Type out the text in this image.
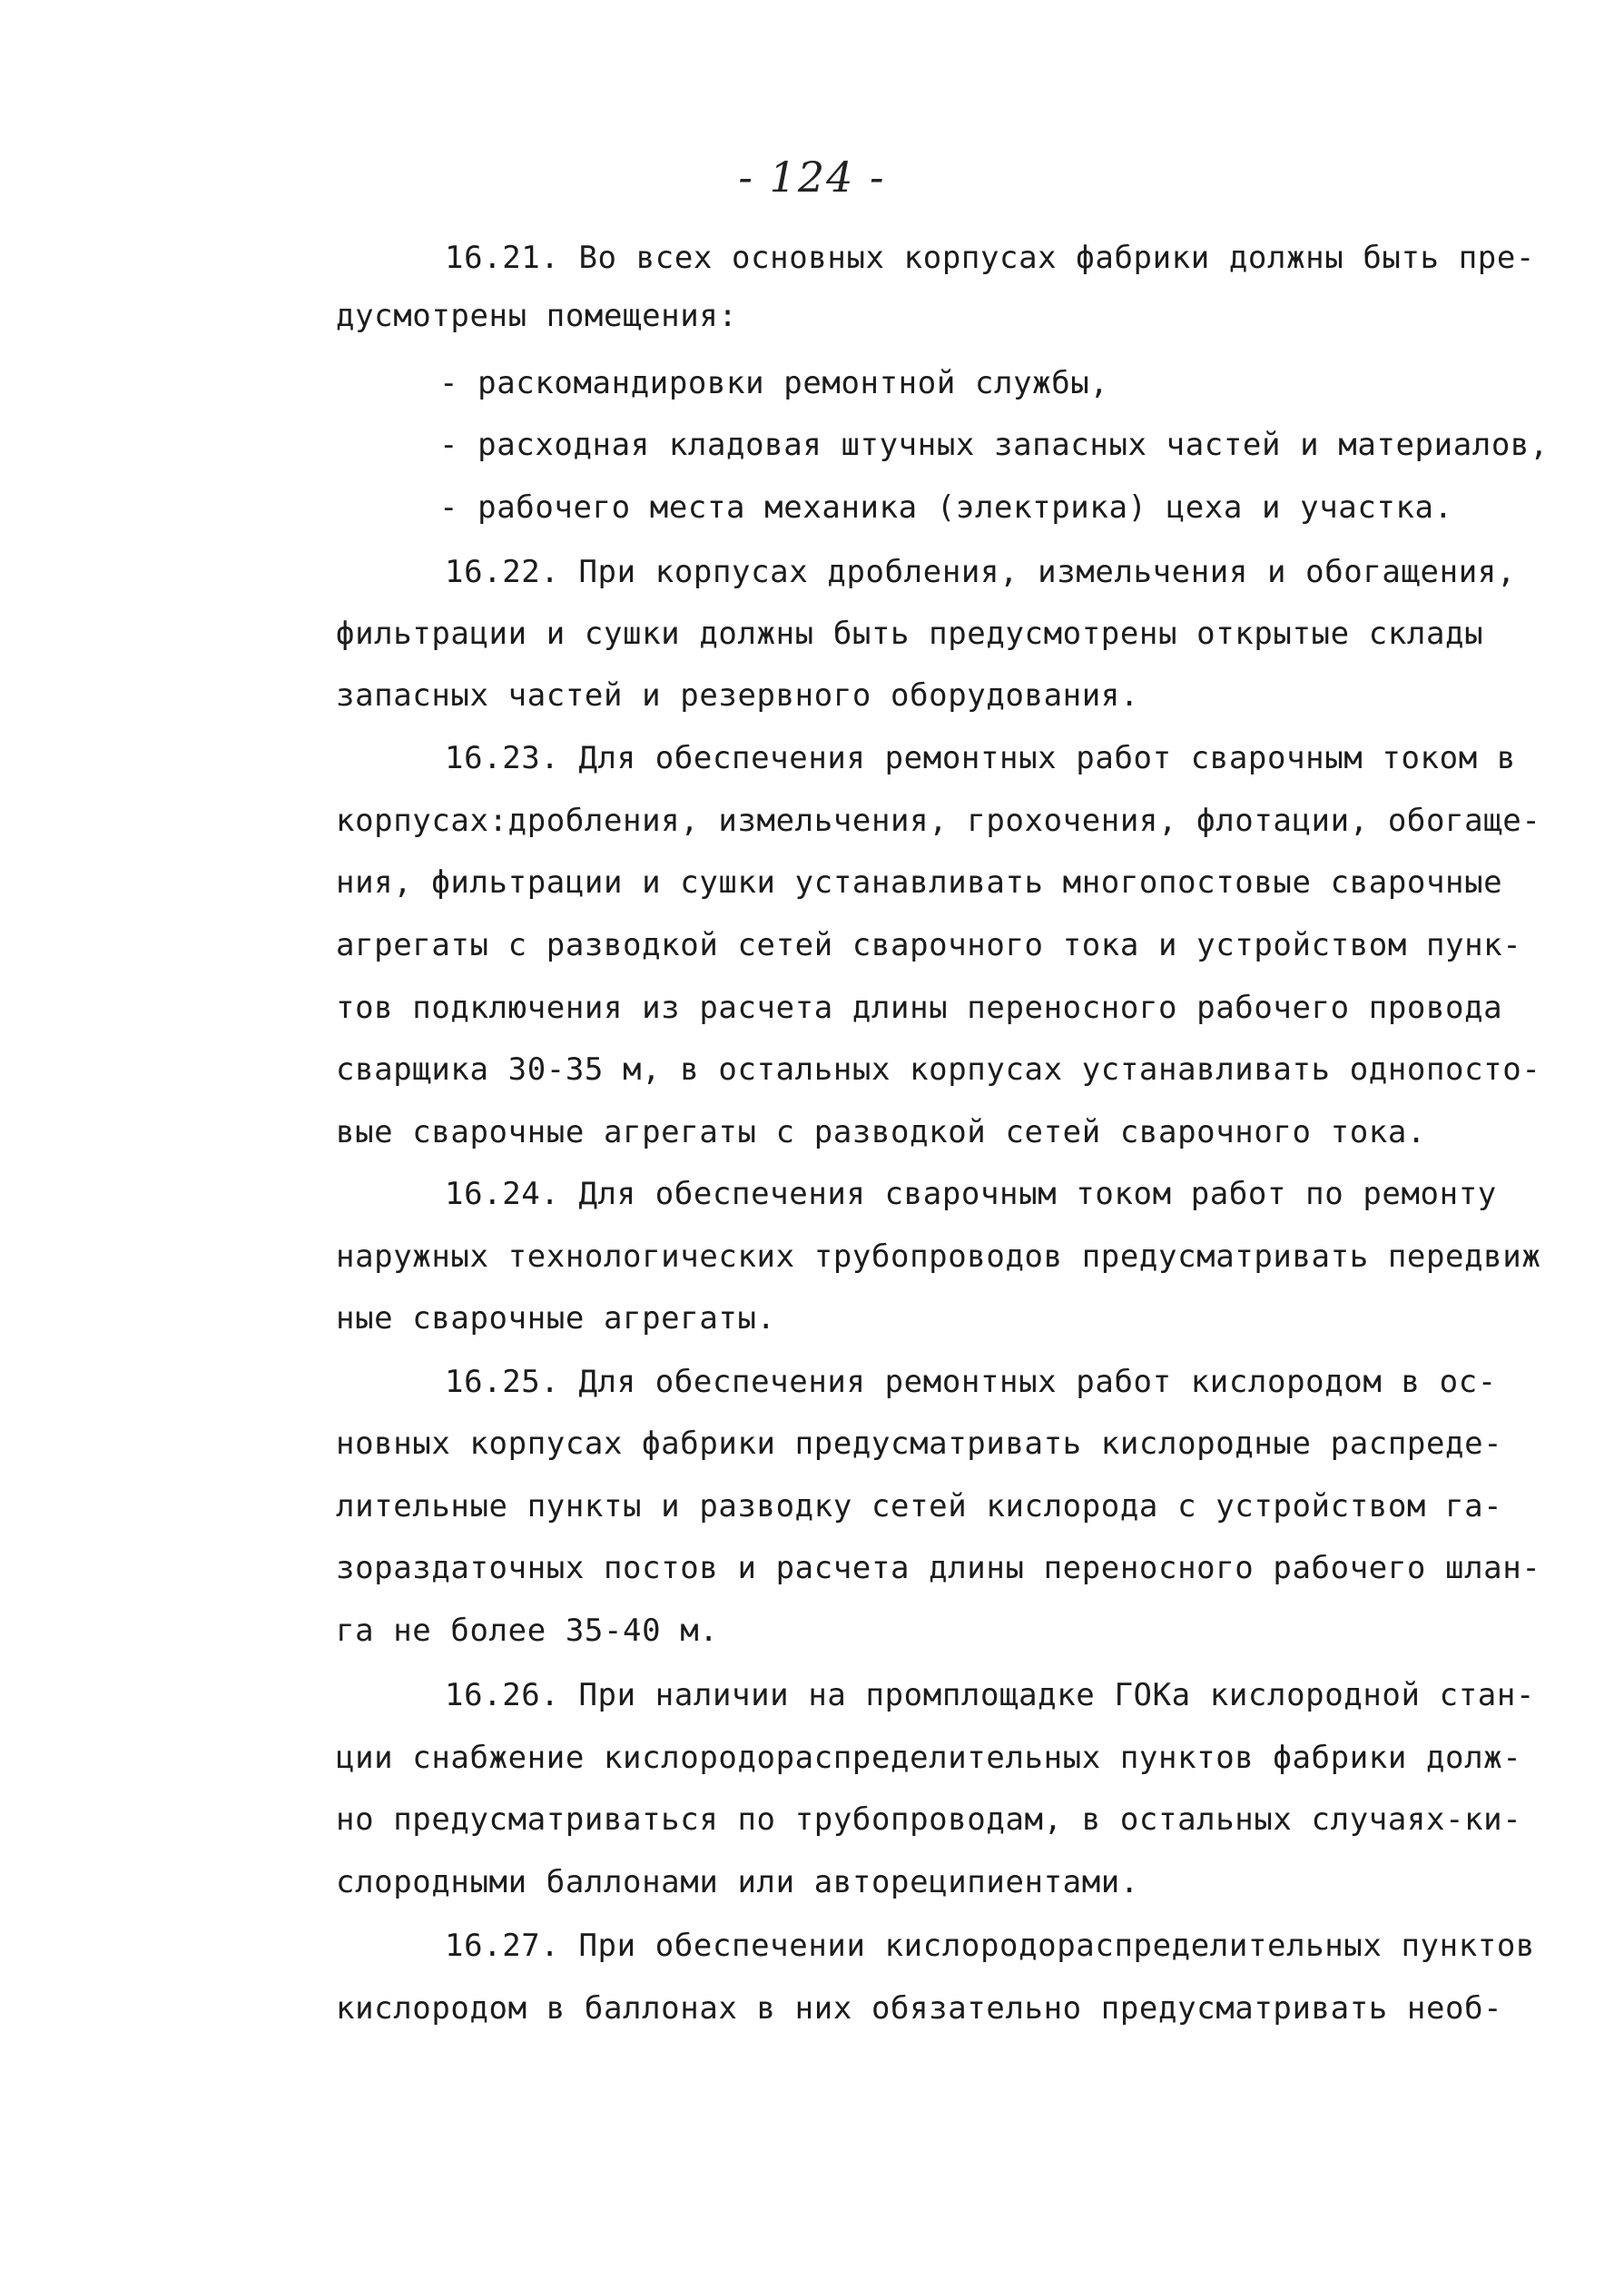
- 124 -
16.21. Во всех основных корпусах фабрики должны быть пре-
дусмотрены помещения:
- раскомандировки ремонтной службы,
- расходная кладовая штучных запасных частей и материалов,
- рабочего места механика (электрика) цеха и участка.
16.22. При корпусах дробления, измельчения и обогащения,
фильтрации и сушки должны быть предусмотрены открытые склады
запасных частей и резервного оборудования.
16.23. Для обеспечения ремонтных работ сварочным током в
корпусах:дробления, измельчения, грохочения, флотации, обогаще-
ния, фильтрации и сушки устанавливать многопостовые сварочные
агрегаты с разводкой сетей сварочного тока и устройством пунк-
тов подключения из расчета длины переносного рабочего провода
сварщика 30-35 м, в остальных корпусах устанавливать однопосто-
вые сварочные агрегаты с разводкой сетей сварочного тока.
16.24. Для обеспечения сварочным током работ по ремонту
наружных технологических трубопроводов предусматривать передвиж
ные сварочные агрегаты.
16.25. Для обеспечения ремонтных работ кислородом в ос-
новных корпусах фабрики предусматривать кислородные распреде-
лительные пункты и разводку сетей кислорода с устройством га-
зораздаточных постов и расчета длины переносного рабочего шлан-
га не более 35-40 м.
16.26. При наличии на промплощадке ГОКа кислородной стан-
ции снабжение кислородораспределительных пунктов фабрики долж-
но предусматриваться по трубопроводам, в остальных случаях-ки-
слородными баллонами или автореципиентами.
16.27. При обеспечении кислородораспределительных пунктов
кислородом в баллонах в них обязательно предусматривать необ-
